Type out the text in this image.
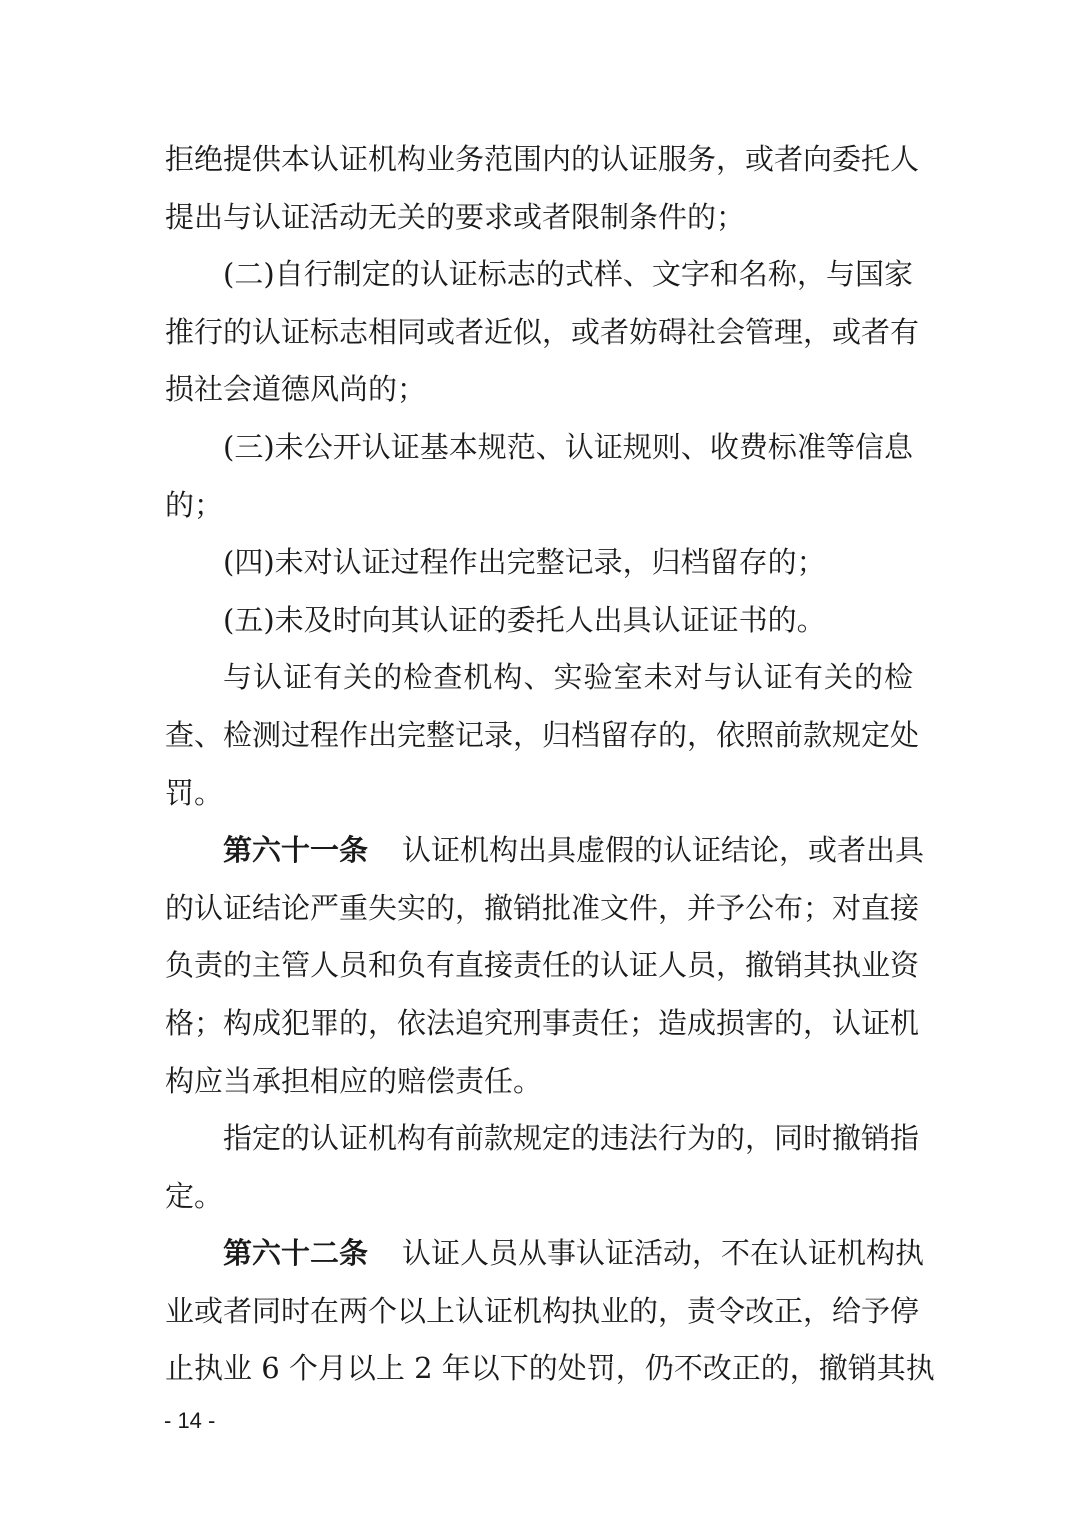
拒绝提供本认证机构业务范围内的认证服务，或者向委托人
提出与认证活动无关的要求或者限制条件的；
(二)自行制定的认证标志的式样、文字和名称，与国家
推行的认证标志相同或者近似，或者妨碍社会管理，或者有
损社会道德风尚的；
(三)未公开认证基本规范、认证规则、收费标准等信息
的；
(四)未对认证过程作出完整记录，归档留存的；
(五)未及时向其认证的委托人出具认证证书的。
与认证有关的检查机构、实验室未对与认证有关的检
查、检测过程作出完整记录，归档留存的，依照前款规定处
罚。
第六十一条 认证机构出具虚假的认证结论，或者出具
的认证结论严重失实的，撤销批准文件，并予公布；对直接
负责的主管人员和负有直接责任的认证人员，撤销其执业资
格；构成犯罪的，依法追究刑事责任；造成损害的，认证机
构应当承担相应的赔偿责任。
指定的认证机构有前款规定的违法行为的，同时撤销指
定。
第六十二条 认证人员从事认证活动，不在认证机构执
业或者同时在两个以上认证机构执业的，责令改正，给予停
止执业 6 个月以上 2 年以下的处罚，仍不改正的，撤销其执
- 14 -
